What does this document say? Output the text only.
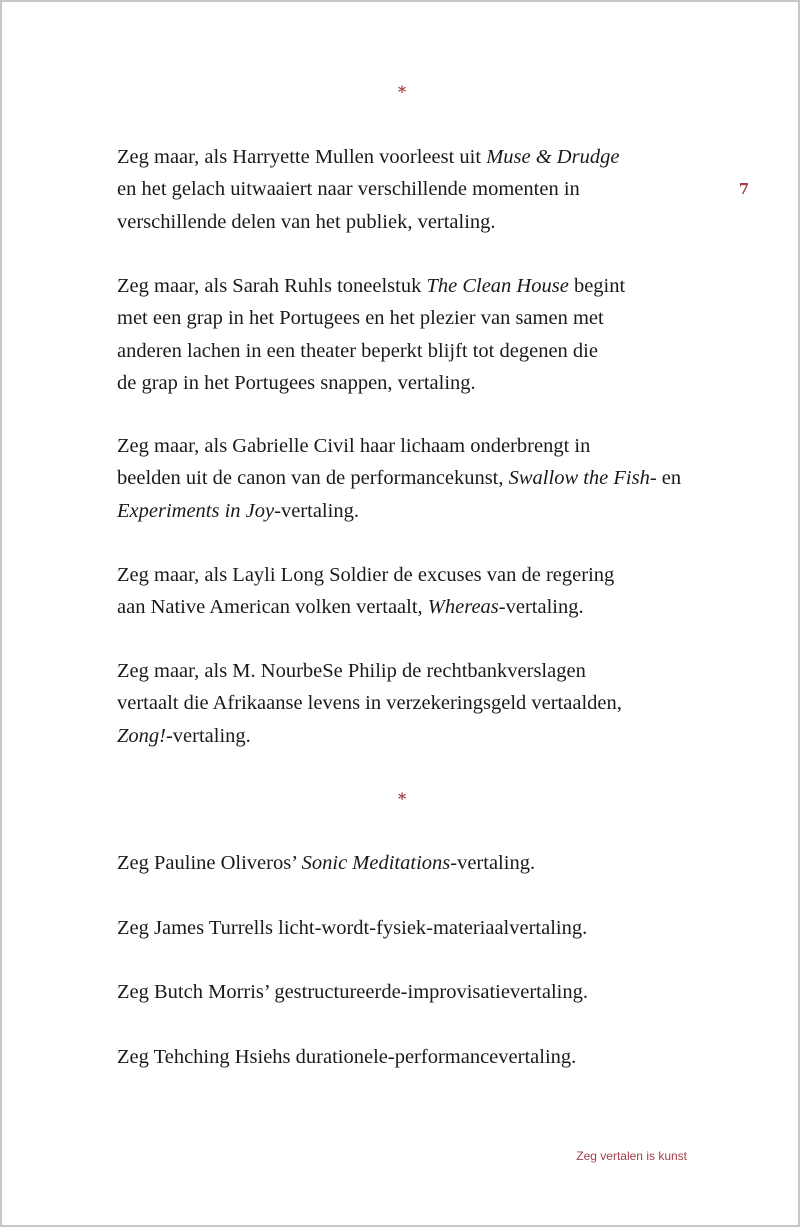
*
7

Zeg maar, als Harryette Mullen voorleest uit Muse & Drudge
en het gelach uitwaaiert naar verschillende momenten in
verschillende delen van het publiek, vertaling.

Zeg maar, als Sarah Ruhls toneelstuk The Clean House begint
met een grap in het Portugees en het plezier van samen met
anderen lachen in een theater beperkt blijft tot degenen die
de grap in het Portugees snappen, vertaling.

Zeg maar, als Gabrielle Civil haar lichaam onderbrengt in
beelden uit de canon van de performancekunst, Swallow the Fish- en Experiments in Joy-vertaling.

Zeg maar, als Layli Long Soldier de excuses van de regering
aan Native American volken vertaalt, Whereas-vertaling.

Zeg maar, als M. NourbeSe Philip de rechtbankverslagen
vertaalt die Afrikaanse levens in verzekeringsgeld vertaalden,
Zong!-vertaling.

*

Zeg Pauline Oliveros’ Sonic Meditations-vertaling.

Zeg James Turrells licht-wordt-fysiek-materiaalvertaling.

Zeg Butch Morris’ gestructureerde-improvisatievertaling.

Zeg Tehching Hsiehs durationele-performancevertaling.

Zeg vertalen is kunst
